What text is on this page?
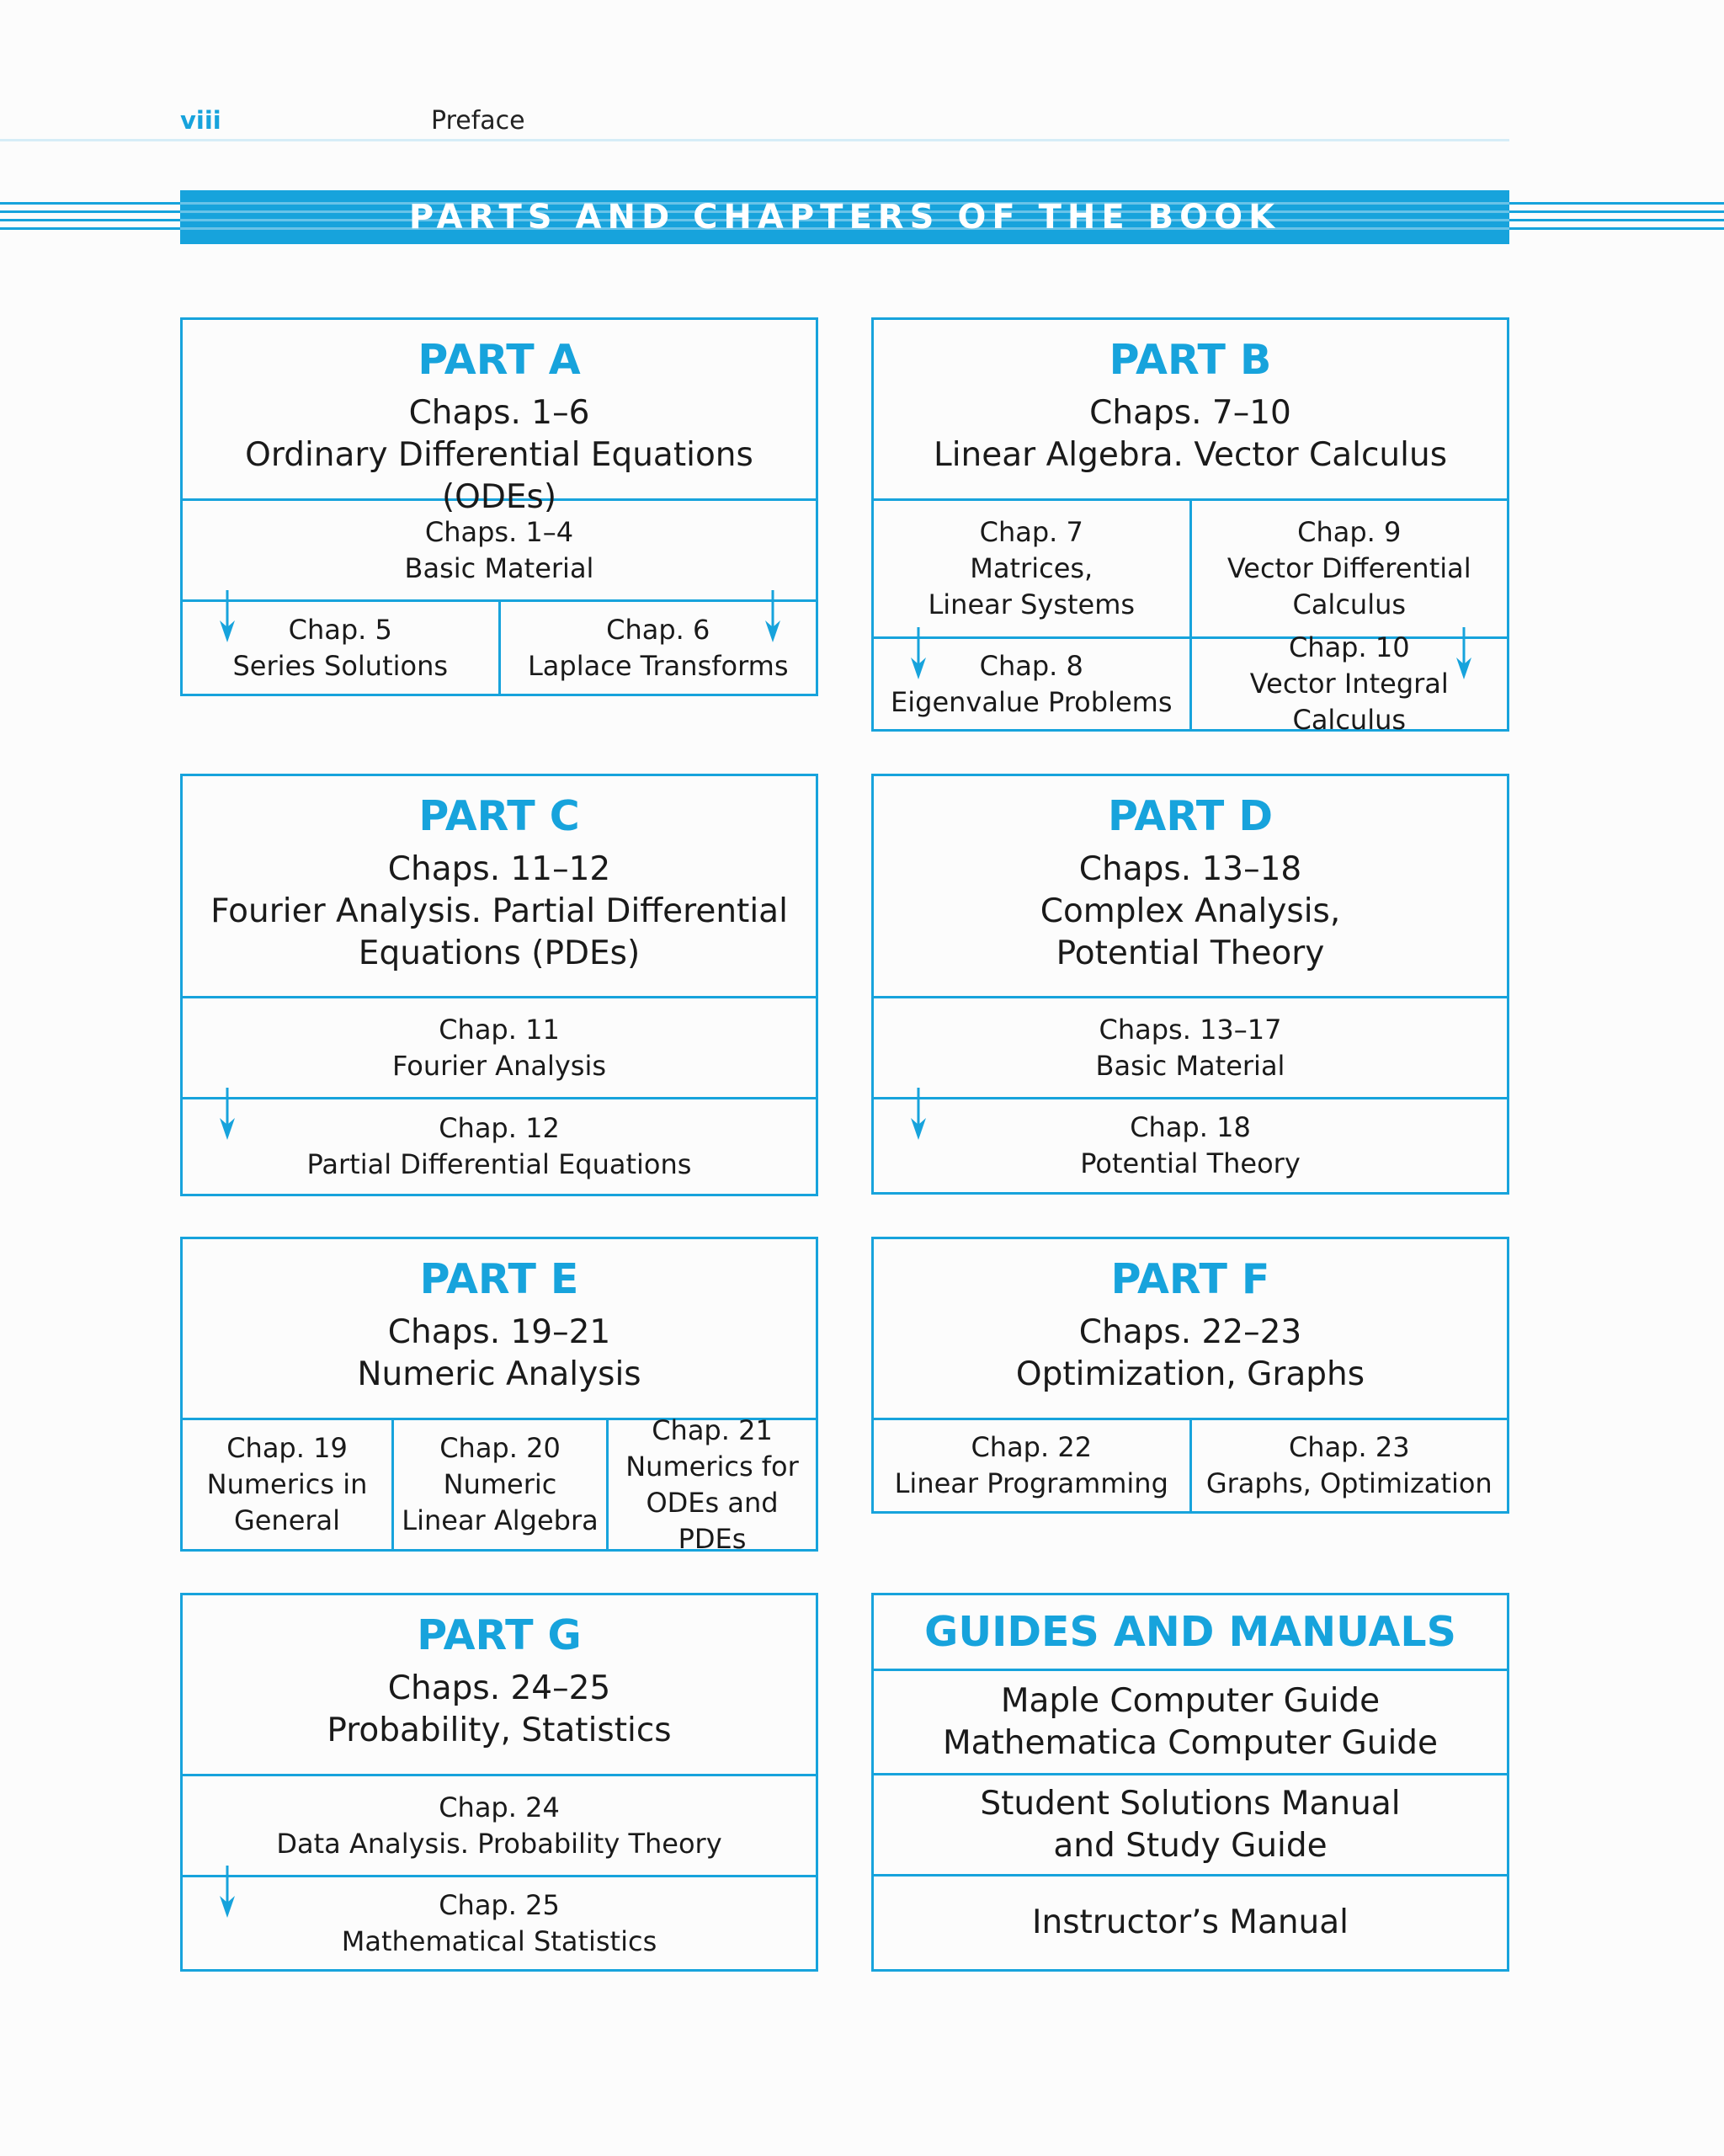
viii	Preface
PARTS AND CHAPTERS OF THE BOOK
PART A
Chaps. 1–6
Ordinary Differential Equations (ODEs)
Chaps. 1–4
Basic Material
Chap. 5
Series Solutions
Chap. 6
Laplace Transforms
PART B
Chaps. 7–10
Linear Algebra. Vector Calculus
Chap. 7
Matrices,
Linear Systems
Chap. 9
Vector Differential
Calculus
Chap. 8
Eigenvalue Problems
Chap. 10
Vector Integral Calculus
PART C
Chaps. 11–12
Fourier Analysis. Partial Differential
Equations (PDEs)
Chap. 11
Fourier Analysis
Chap. 12
Partial Differential Equations
PART D
Chaps. 13–18
Complex Analysis,
Potential Theory
Chaps. 13–17
Basic Material
Chap. 18
Potential Theory
PART E
Chaps. 19–21
Numeric Analysis
Chap. 19
Numerics in
General
Chap. 20
Numeric
Linear Algebra
Chap. 21
Numerics for
ODEs and PDEs
PART F
Chaps. 22–23
Optimization, Graphs
Chap. 22
Linear Programming
Chap. 23
Graphs, Optimization
PART G
Chaps. 24–25
Probability, Statistics
Chap. 24
Data Analysis. Probability Theory
Chap. 25
Mathematical Statistics
GUIDES AND MANUALS
Maple Computer Guide
Mathematica Computer Guide
Student Solutions Manual
and Study Guide
Instructor’s Manual
